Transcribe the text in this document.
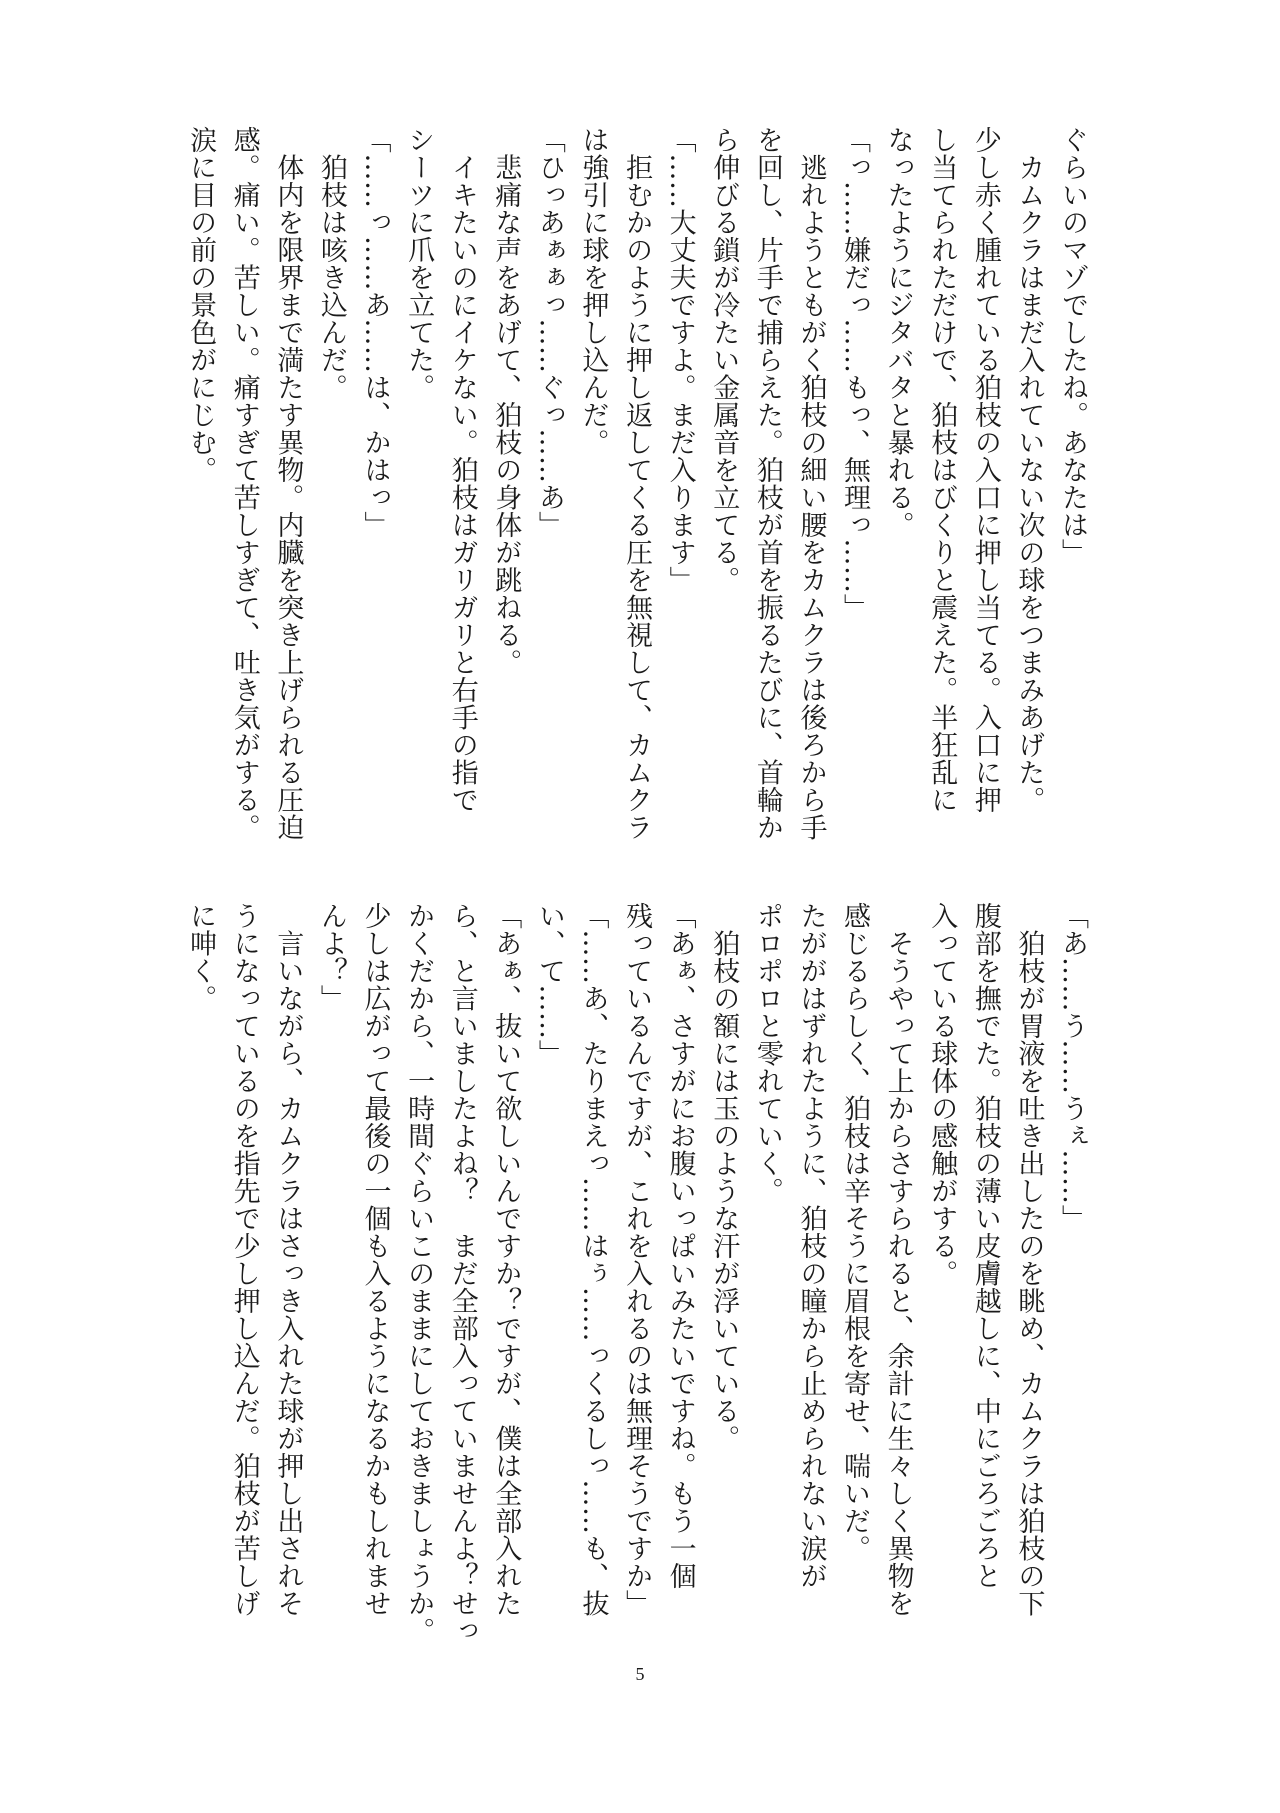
ぐらいのマゾでしたね。あなたは」
　カムクラはまだ入れていない次の球をつまみあげた。
少し赤く腫れている狛枝の入口に押し当てる。入口に押
し当てられただけで、狛枝はびくりと震えた。半狂乱に
なったようにジタバタと暴れる。
「っ……嫌だっ……もっ、無理っ……」
　逃れようともがく狛枝の細い腰をカムクラは後ろから手
を回し、片手で捕らえた。狛枝が首を振るたびに、首輪か
ら伸びる鎖が冷たい金属音を立てる。
「……大丈夫ですよ。まだ入ります」
　拒むかのように押し返してくる圧を無視して、カムクラ
は強引に球を押し込んだ。
「ひっあぁぁっ……ぐっ……あ」
　悲痛な声をあげて、狛枝の身体が跳ねる。
　イキたいのにイケない。狛枝はガリガリと右手の指で
シーツに爪を立てた。
「……っ……あ……は、かはっ」
　狛枝は咳き込んだ。
　体内を限界まで満たす異物。内臓を突き上げられる圧迫
感。痛い。苦しい。痛すぎて苦しすぎて、吐き気がする。
涙に目の前の景色がにじむ。
「あ……う……うぇ……」
　狛枝が胃液を吐き出したのを眺め、カムクラは狛枝の下
腹部を撫でた。狛枝の薄い皮膚越しに、中にごろごろと
入っている球体の感触がする。
　そうやって上からさすられると、余計に生々しく異物を
感じるらしく、狛枝は辛そうに眉根を寄せ、喘いだ。
たががはずれたように、狛枝の瞳から止められない涙が
ポロポロと零れていく。
　狛枝の額には玉のような汗が浮いている。
「あぁ、さすがにお腹いっぱいみたいですね。もう一個
残っているんですが、これを入れるのは無理そうですか」
「……あ、たりまえっ……はぅ……っくるしっ……も、抜
い、て……」
「あぁ、抜いて欲しいんですか？ですが、僕は全部入れた
ら、と言いましたよね？　まだ全部入っていませんよ？せっ
かくだから、一時間ぐらいこのままにしておきましょうか。
少しは広がって最後の一個も入るようになるかもしれませ
んよ？」
　言いながら、カムクラはさっき入れた球が押し出されそ
うになっているのを指先で少し押し込んだ。狛枝が苦しげ
に呻く。
5
